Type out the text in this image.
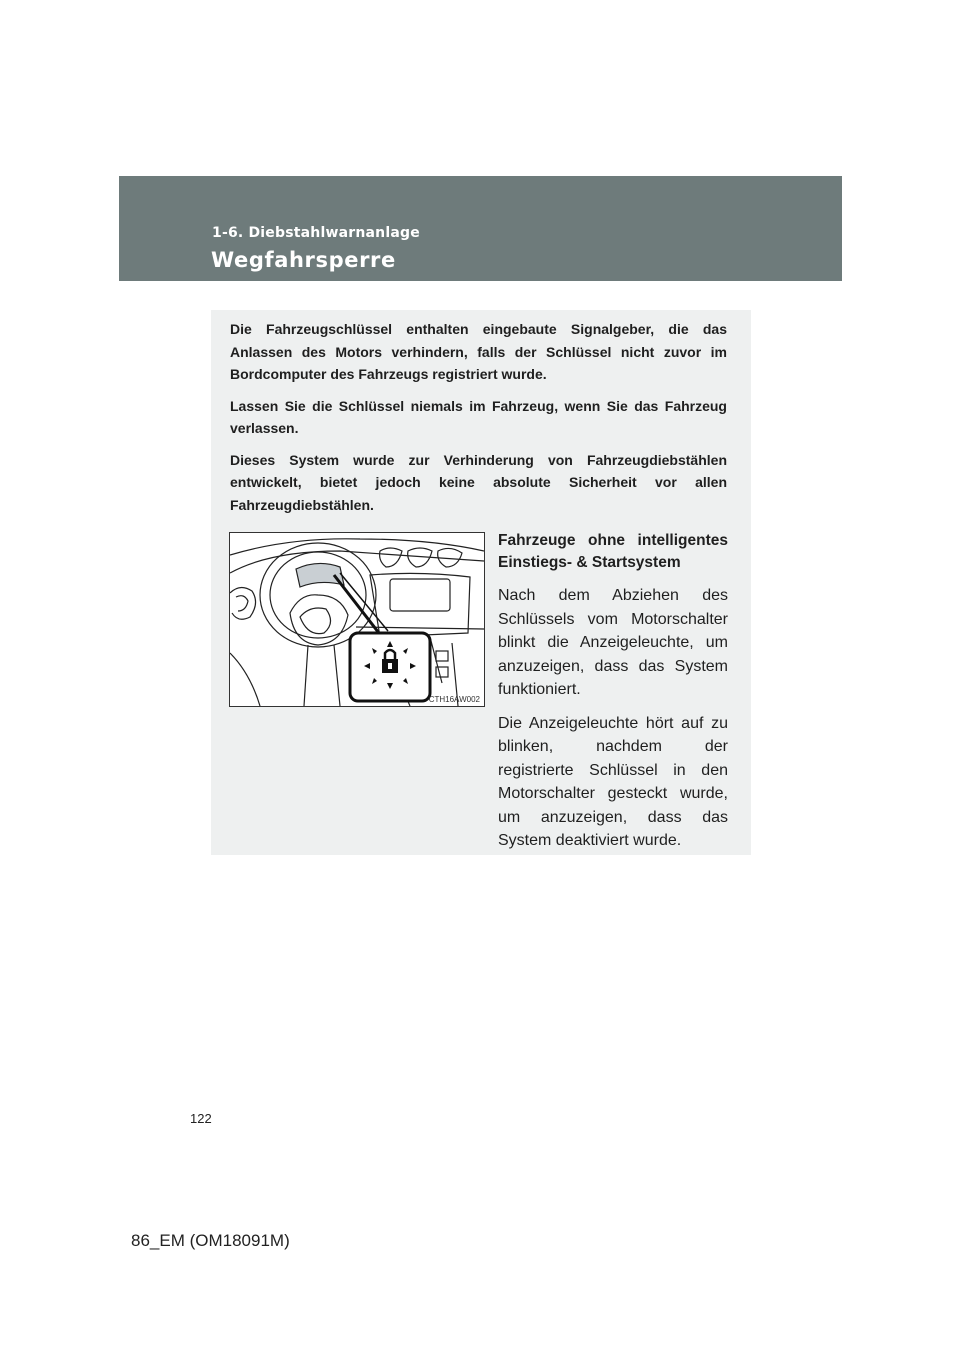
1-6. Diebstahlwarnanlage
Wegfahrsperre

Die Fahrzeugschlüssel enthalten eingebaute Signalgeber, die das Anlassen des Motors verhindern, falls der Schlüssel nicht zuvor im Bordcomputer des Fahrzeugs registriert wurde.

Lassen Sie die Schlüssel niemals im Fahrzeug, wenn Sie das Fahrzeug verlassen.

Dieses System wurde zur Verhinderung von Fahrzeugdiebstählen entwickelt, bietet jedoch keine absolute Sicherheit vor allen Fahrzeugdiebstählen.

CTH16AW002
Fahrzeuge ohne intelligentes Einstiegs- & Startsystem

Nach dem Abziehen des Schlüssels vom Motorschalter blinkt die Anzeigeleuchte, um anzuzeigen, dass das System funktioniert.

Die Anzeigeleuchte hört auf zu blinken, nachdem der registrierte Schlüssel in den Motorschalter gesteckt wurde, um anzuzeigen, dass das System deaktiviert wurde.

122
86_EM (OM18091M)
